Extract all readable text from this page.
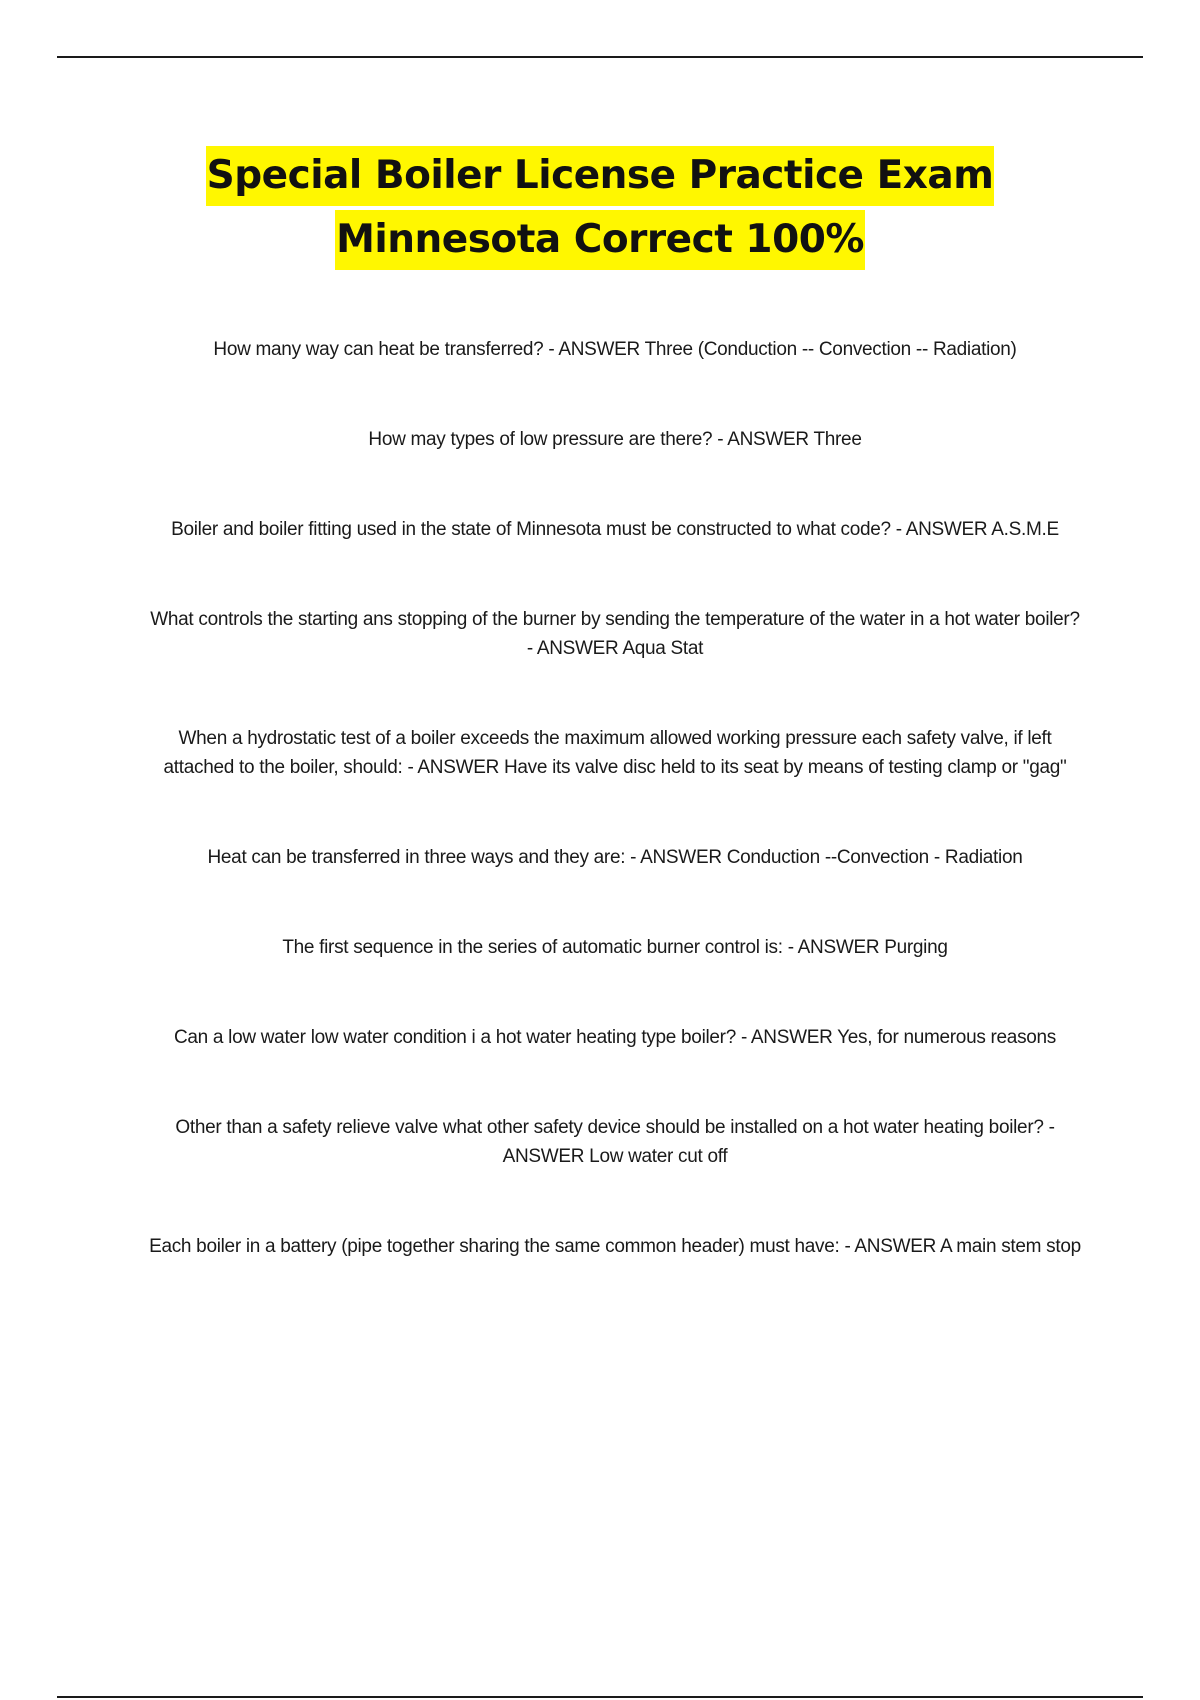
Special Boiler License Practice Exam
Minnesota Correct 100%

How many way can heat be transferred? - ANSWER Three (Conduction -- Convection -- Radiation)

How may types of low pressure are there? - ANSWER Three

Boiler and boiler fitting used in the state of Minnesota must be constructed to what code? - ANSWER A.S.M.E

What controls the starting ans stopping of the burner by sending the temperature of the water in a hot water boiler? - ANSWER Aqua Stat

When a hydrostatic test of a boiler exceeds the maximum allowed working pressure each safety valve, if left attached to the boiler, should: - ANSWER Have its valve disc held to its seat by means of testing clamp or "gag"

Heat can be transferred in three ways and they are: - ANSWER Conduction --Convection - Radiation

The first sequence in the series of automatic burner control is: - ANSWER Purging

Can a low water low water condition i a hot water heating type boiler? - ANSWER Yes, for numerous reasons

Other than a safety relieve valve what other safety device should be installed on a hot water heating boiler? - ANSWER Low water cut off

Each boiler in a battery (pipe together sharing the same common header) must have: - ANSWER A main stem stop
